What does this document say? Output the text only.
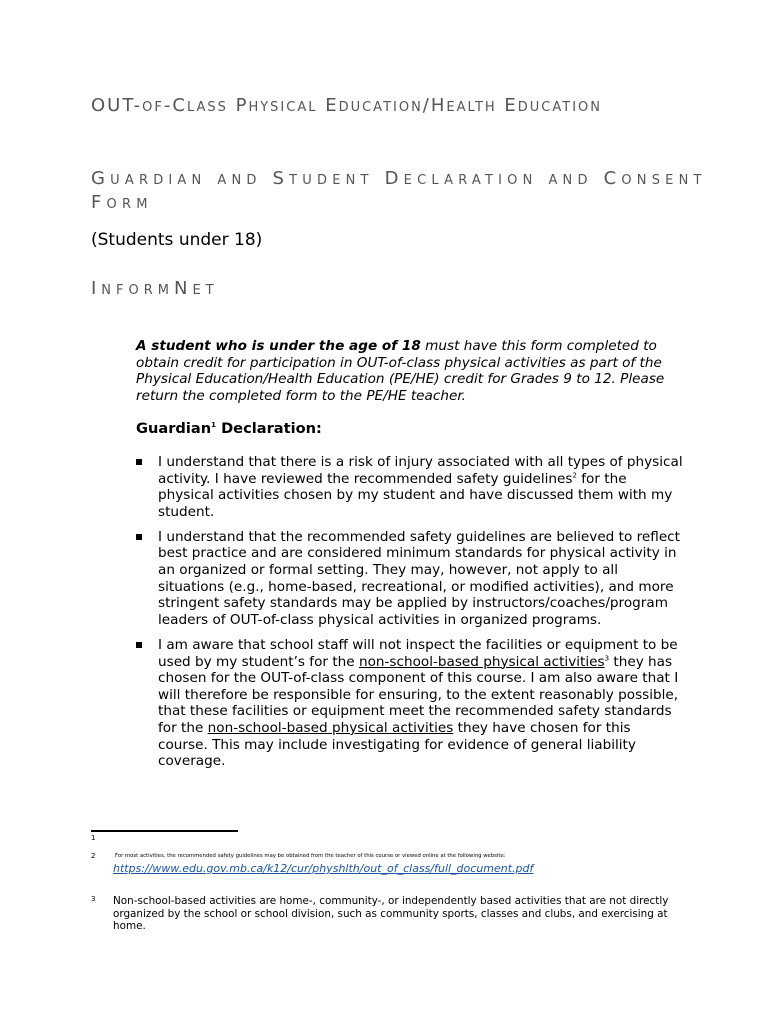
OUT-of-Class Physical Education/Health Education
Guardian and Student Declaration and Consent Form

(Students under 18)

InformNet

A student who is under the age of 18 must have this form completed to obtain credit for participation in OUT-of-class physical activities as part of the Physical Education/Health Education (PE/HE) credit for Grades 9 to 12. Please return the completed form to the PE/HE teacher.

Guardian$^1$ Declaration:

I understand that there is a risk of injury associated with all types of physical activity. I have reviewed the recommended safety guidelines$^2$ for the physical activities chosen by my student and have discussed them with my student.
I understand that the recommended safety guidelines are believed to reflect best practice and are considered minimum standards for physical activity in an organized or formal setting. They may, however, not apply to all situations (e.g., home-based, recreational, or modified activities), and more stringent safety standards may be applied by instructors/coaches/program leaders of OUT-of-class physical activities in organized programs.
I am aware that school staff will not inspect the facilities or equipment to be used by my student’s for the non-school-based physical activities$^3$ they has chosen for the OUT-of-class component of this course. I am also aware that I will therefore be responsible for ensuring, to the extent reasonably possible, that these facilities or equipment meet the recommended safety standards for the non-school-based physical activities they have chosen for this course. This may include investigating for evidence of general liability coverage.
1
2	For most activities, the recommended safety guidelines may be obtained from the teacher of this course or viewed online at the following website:
https://www.edu.gov.mb.ca/k12/cur/physhlth/out_of_class/full_document.pdf
3 Non-school-based activities are home-, community-, or independently based activities that are not directly organized by the school or school division, such as community sports, classes and clubs, and exercising at home.
